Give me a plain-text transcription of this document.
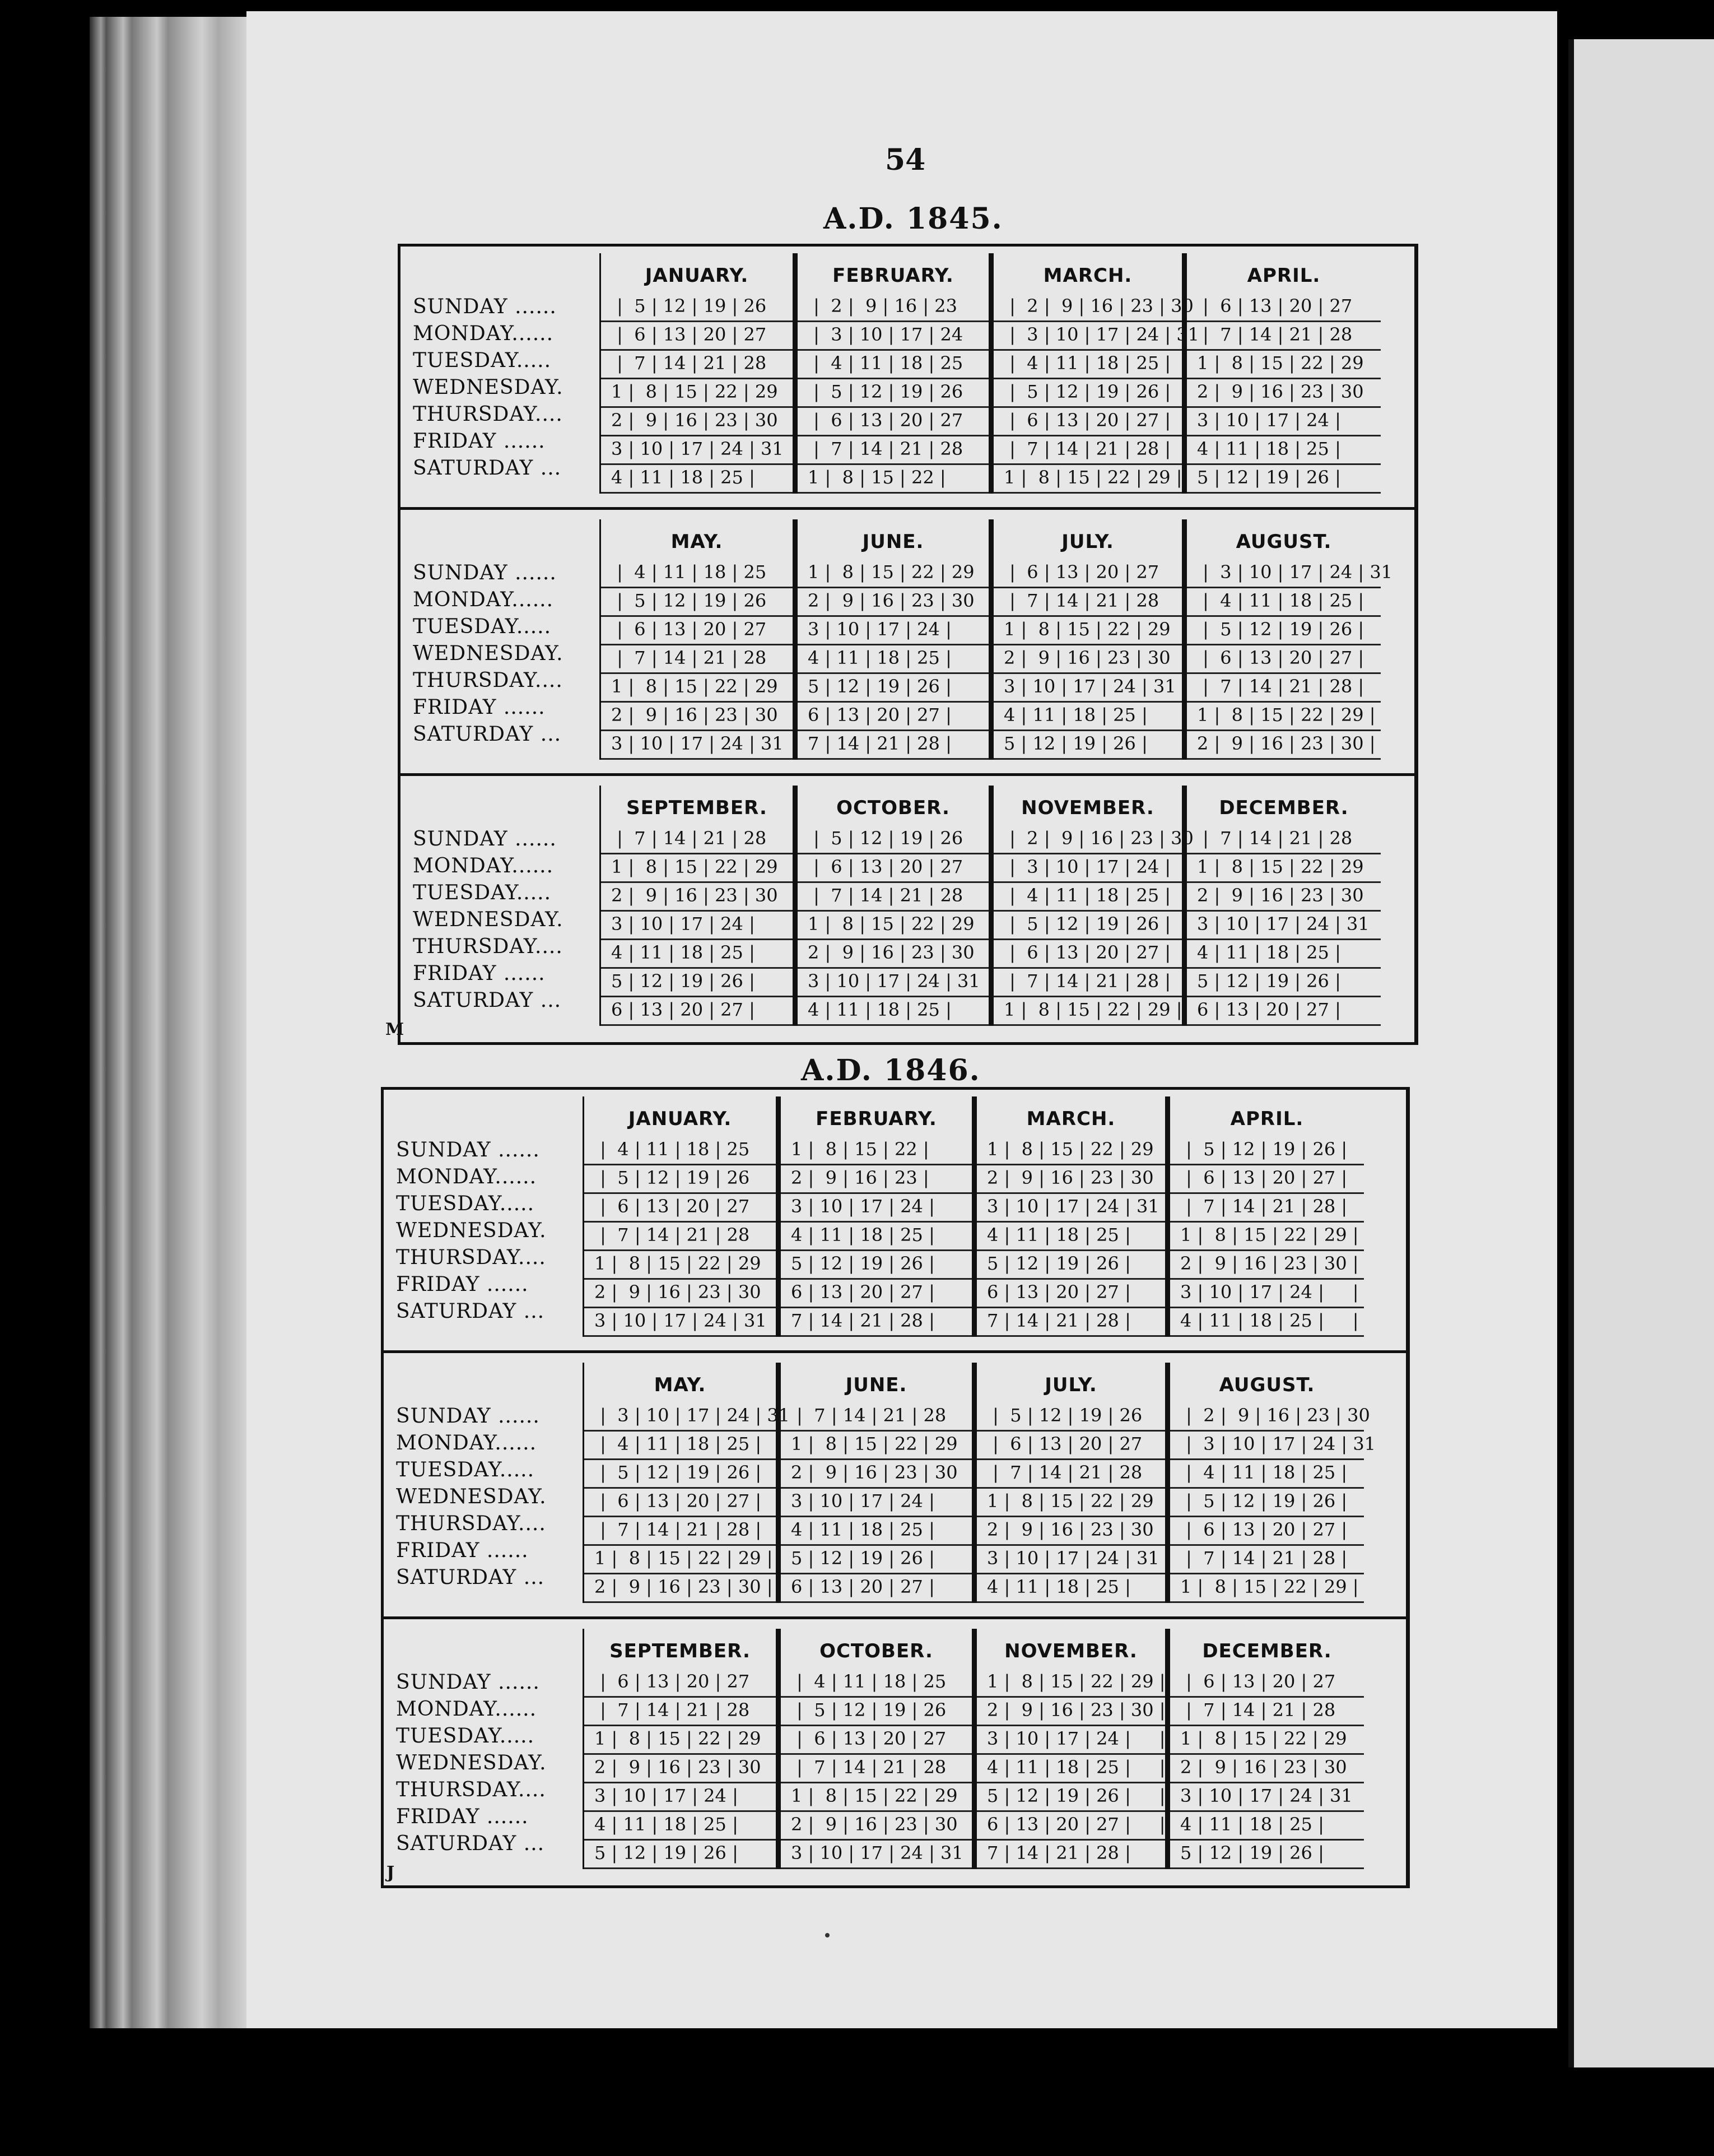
54
A.D. 1845.
SUNDAY ......
MONDAY......
TUESDAY.....
WEDNESDAY.
THURSDAY....
FRIDAY ......
SATURDAY ...
JANUARY.
|  5 | 12 | 19 | 26
|  6 | 13 | 20 | 27
|  7 | 14 | 21 | 28
1 |  8 | 15 | 22 | 29
2 |  9 | 16 | 23 | 30
3 | 10 | 17 | 24 | 31
4 | 11 | 18 | 25 |
FEBRUARY.
|  2 |  9 | 16 | 23
|  3 | 10 | 17 | 24
|  4 | 11 | 18 | 25
|  5 | 12 | 19 | 26
|  6 | 13 | 20 | 27
|  7 | 14 | 21 | 28
1 |  8 | 15 | 22 |
MARCH.
|  2 |  9 | 16 | 23 | 30
|  3 | 10 | 17 | 24 | 31
|  4 | 11 | 18 | 25 |
|  5 | 12 | 19 | 26 |
|  6 | 13 | 20 | 27 |
|  7 | 14 | 21 | 28 |
1 |  8 | 15 | 22 | 29 |
APRIL.
|  6 | 13 | 20 | 27
|  7 | 14 | 21 | 28
1 |  8 | 15 | 22 | 29
2 |  9 | 16 | 23 | 30
3 | 10 | 17 | 24 |
4 | 11 | 18 | 25 |
5 | 12 | 19 | 26 |
SUNDAY ......
MONDAY......
TUESDAY.....
WEDNESDAY.
THURSDAY....
FRIDAY ......
SATURDAY ...
MAY.
|  4 | 11 | 18 | 25
|  5 | 12 | 19 | 26
|  6 | 13 | 20 | 27
|  7 | 14 | 21 | 28
1 |  8 | 15 | 22 | 29
2 |  9 | 16 | 23 | 30
3 | 10 | 17 | 24 | 31
JUNE.
1 |  8 | 15 | 22 | 29
2 |  9 | 16 | 23 | 30
3 | 10 | 17 | 24 |
4 | 11 | 18 | 25 |
5 | 12 | 19 | 26 |
6 | 13 | 20 | 27 |
7 | 14 | 21 | 28 |
JULY.
|  6 | 13 | 20 | 27
|  7 | 14 | 21 | 28
1 |  8 | 15 | 22 | 29
2 |  9 | 16 | 23 | 30
3 | 10 | 17 | 24 | 31
4 | 11 | 18 | 25 |
5 | 12 | 19 | 26 |
AUGUST.
|  3 | 10 | 17 | 24 | 31
|  4 | 11 | 18 | 25 |
|  5 | 12 | 19 | 26 |
|  6 | 13 | 20 | 27 |
|  7 | 14 | 21 | 28 |
1 |  8 | 15 | 22 | 29 |
2 |  9 | 16 | 23 | 30 |
SUNDAY ......
MONDAY......
TUESDAY.....
WEDNESDAY.
THURSDAY....
FRIDAY ......
SATURDAY ...
SEPTEMBER.
|  7 | 14 | 21 | 28
1 |  8 | 15 | 22 | 29
2 |  9 | 16 | 23 | 30
3 | 10 | 17 | 24 |
4 | 11 | 18 | 25 |
5 | 12 | 19 | 26 |
6 | 13 | 20 | 27 |
OCTOBER.
|  5 | 12 | 19 | 26
|  6 | 13 | 20 | 27
|  7 | 14 | 21 | 28
1 |  8 | 15 | 22 | 29
2 |  9 | 16 | 23 | 30
3 | 10 | 17 | 24 | 31
4 | 11 | 18 | 25 |
NOVEMBER.
|  2 |  9 | 16 | 23 | 30
|  3 | 10 | 17 | 24 |
|  4 | 11 | 18 | 25 |
|  5 | 12 | 19 | 26 |
|  6 | 13 | 20 | 27 |
|  7 | 14 | 21 | 28 |
1 |  8 | 15 | 22 | 29 |
DECEMBER.
|  7 | 14 | 21 | 28
1 |  8 | 15 | 22 | 29
2 |  9 | 16 | 23 | 30
3 | 10 | 17 | 24 | 31
4 | 11 | 18 | 25 |
5 | 12 | 19 | 26 |
6 | 13 | 20 | 27 |
M
A.D. 1846.
SUNDAY ......
MONDAY......
TUESDAY.....
WEDNESDAY.
THURSDAY....
FRIDAY ......
SATURDAY ...
JANUARY.
|  4 | 11 | 18 | 25
|  5 | 12 | 19 | 26
|  6 | 13 | 20 | 27
|  7 | 14 | 21 | 28
1 |  8 | 15 | 22 | 29
2 |  9 | 16 | 23 | 30
3 | 10 | 17 | 24 | 31
FEBRUARY.
1 |  8 | 15 | 22 |
2 |  9 | 16 | 23 |
3 | 10 | 17 | 24 |
4 | 11 | 18 | 25 |
5 | 12 | 19 | 26 |
6 | 13 | 20 | 27 |
7 | 14 | 21 | 28 |
MARCH.
1 |  8 | 15 | 22 | 29
2 |  9 | 16 | 23 | 30
3 | 10 | 17 | 24 | 31
4 | 11 | 18 | 25 |
5 | 12 | 19 | 26 |
6 | 13 | 20 | 27 |
7 | 14 | 21 | 28 |
APRIL.
|  5 | 12 | 19 | 26 |
|  6 | 13 | 20 | 27 |
|  7 | 14 | 21 | 28 |
1 |  8 | 15 | 22 | 29 |
2 |  9 | 16 | 23 | 30 |
3 | 10 | 17 | 24 |     |
4 | 11 | 18 | 25 |     |
SUNDAY ......
MONDAY......
TUESDAY.....
WEDNESDAY.
THURSDAY....
FRIDAY ......
SATURDAY ...
MAY.
|  3 | 10 | 17 | 24 | 31
|  4 | 11 | 18 | 25 |
|  5 | 12 | 19 | 26 |
|  6 | 13 | 20 | 27 |
|  7 | 14 | 21 | 28 |
1 |  8 | 15 | 22 | 29 |
2 |  9 | 16 | 23 | 30 |
JUNE.
|  7 | 14 | 21 | 28
1 |  8 | 15 | 22 | 29
2 |  9 | 16 | 23 | 30
3 | 10 | 17 | 24 |
4 | 11 | 18 | 25 |
5 | 12 | 19 | 26 |
6 | 13 | 20 | 27 |
JULY.
|  5 | 12 | 19 | 26
|  6 | 13 | 20 | 27
|  7 | 14 | 21 | 28
1 |  8 | 15 | 22 | 29
2 |  9 | 16 | 23 | 30
3 | 10 | 17 | 24 | 31
4 | 11 | 18 | 25 |
AUGUST.
|  2 |  9 | 16 | 23 | 30
|  3 | 10 | 17 | 24 | 31
|  4 | 11 | 18 | 25 |
|  5 | 12 | 19 | 26 |
|  6 | 13 | 20 | 27 |
|  7 | 14 | 21 | 28 |
1 |  8 | 15 | 22 | 29 |
SUNDAY ......
MONDAY......
TUESDAY.....
WEDNESDAY.
THURSDAY....
FRIDAY ......
SATURDAY ...
SEPTEMBER.
|  6 | 13 | 20 | 27
|  7 | 14 | 21 | 28
1 |  8 | 15 | 22 | 29
2 |  9 | 16 | 23 | 30
3 | 10 | 17 | 24 |
4 | 11 | 18 | 25 |
5 | 12 | 19 | 26 |
OCTOBER.
|  4 | 11 | 18 | 25
|  5 | 12 | 19 | 26
|  6 | 13 | 20 | 27
|  7 | 14 | 21 | 28
1 |  8 | 15 | 22 | 29
2 |  9 | 16 | 23 | 30
3 | 10 | 17 | 24 | 31
NOVEMBER.
1 |  8 | 15 | 22 | 29 |
2 |  9 | 16 | 23 | 30 |
3 | 10 | 17 | 24 |     |
4 | 11 | 18 | 25 |     |
5 | 12 | 19 | 26 |     |
6 | 13 | 20 | 27 |     |
7 | 14 | 21 | 28 |
DECEMBER.
|  6 | 13 | 20 | 27
|  7 | 14 | 21 | 28
1 |  8 | 15 | 22 | 29
2 |  9 | 16 | 23 | 30
3 | 10 | 17 | 24 | 31
4 | 11 | 18 | 25 |
5 | 12 | 19 | 26 |
J
